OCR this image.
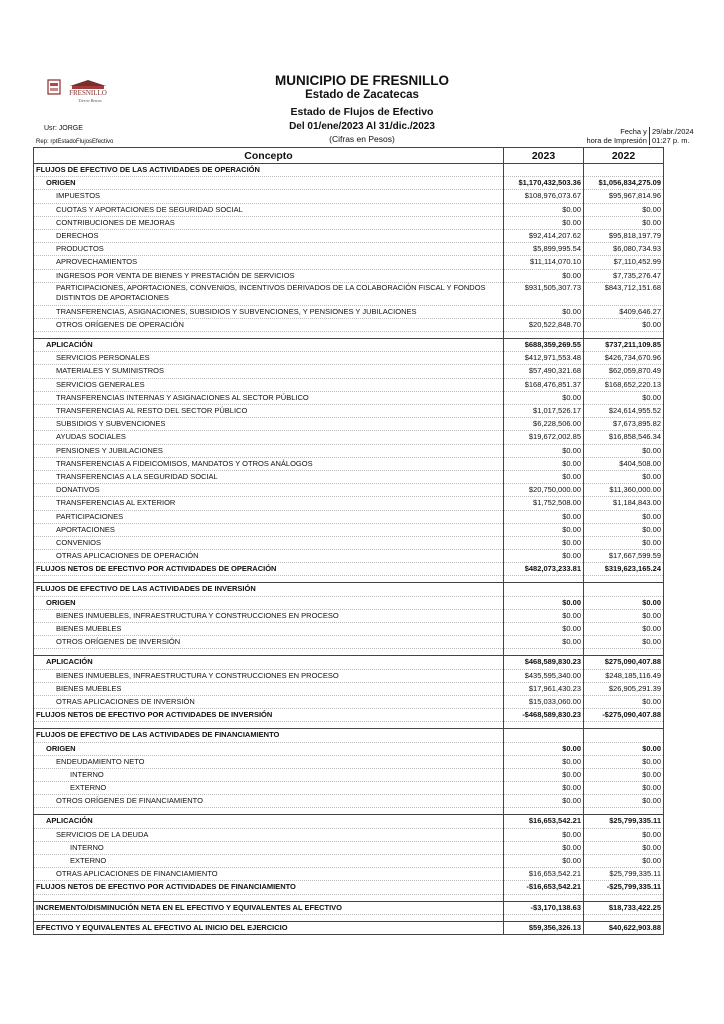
FRESNILLO
Tierra Brava
MUNICIPIO DE FRESNILLO
Estado de Zacatecas
Estado de Flujos de Efectivo
Del 01/ene/2023 Al 31/dic./2023
(Cifras en Pesos)
Usr: JORGE
Rep: rptEstadoFlujosEfectivo
Fecha y 29/abr./2024
hora de Impresión 01:27 p. m.
Concepto	2023	2022
FLUJOS DE EFECTIVO DE LAS ACTIVIDADES DE OPERACIÓN		
ORIGEN	$1,170,432,503.36	$1,056,834,275.09
IMPUESTOS	$108,976,073.67	$95,967,814.96
CUOTAS Y APORTACIONES DE SEGURIDAD SOCIAL	$0.00	$0.00
CONTRIBUCIONES DE MEJORAS	$0.00	$0.00
DERECHOS	$92,414,207.62	$95,818,197.79
PRODUCTOS	$5,899,995.54	$6,080,734.93
APROVECHAMIENTOS	$11,114,070.10	$7,110,452.99
INGRESOS POR VENTA DE BIENES Y PRESTACIÓN DE SERVICIOS	$0.00	$7,735,276.47
PARTICIPACIONES, APORTACIONES, CONVENIOS, INCENTIVOS DERIVADOS DE LA COLABORACIÓN FISCAL Y FONDOS DISTINTOS DE APORTACIONES	$931,505,307.73	$843,712,151.68
TRANSFERENCIAS, ASIGNACIONES, SUBSIDIOS Y SUBVENCIONES, Y PENSIONES Y JUBILACIONES	$0.00	$409,646.27
OTROS ORÍGENES DE OPERACIÓN	$20,522,848.70	$0.00

APLICACIÓN	$688,359,269.55	$737,211,109.85
SERVICIOS PERSONALES	$412,971,553.48	$426,734,670.96
MATERIALES Y SUMINISTROS	$57,490,321.68	$62,059,870.49
SERVICIOS GENERALES	$168,476,851.37	$168,652,220.13
TRANSFERENCIAS INTERNAS Y ASIGNACIONES AL SECTOR PÚBLICO	$0.00	$0.00
TRANSFERENCIAS AL RESTO DEL SECTOR PÚBLICO	$1,017,526.17	$24,614,955.52
SUBSIDIOS Y SUBVENCIONES	$6,228,506.00	$7,673,895.82
AYUDAS SOCIALES	$19,672,002.85	$16,858,546.34
PENSIONES Y JUBILACIONES	$0.00	$0.00
TRANSFERENCIAS A FIDEICOMISOS, MANDATOS Y OTROS ANÁLOGOS	$0.00	$404,508.00
TRANSFERENCIAS A LA SEGURIDAD SOCIAL	$0.00	$0.00
DONATIVOS	$20,750,000.00	$11,360,000.00
TRANSFERENCIAS AL EXTERIOR	$1,752,508.00	$1,184,843.00
PARTICIPACIONES	$0.00	$0.00
APORTACIONES	$0.00	$0.00
CONVENIOS	$0.00	$0.00
OTRAS APLICACIONES DE OPERACIÓN	$0.00	$17,667,599.59
FLUJOS NETOS DE EFECTIVO POR ACTIVIDADES DE OPERACIÓN	$482,073,233.81	$319,623,165.24

FLUJOS DE EFECTIVO DE LAS ACTIVIDADES DE INVERSIÓN		
ORIGEN	$0.00	$0.00
BIENES INMUEBLES, INFRAESTRUCTURA Y CONSTRUCCIONES EN PROCESO	$0.00	$0.00
BIENES MUEBLES	$0.00	$0.00
OTROS ORÍGENES DE INVERSIÓN	$0.00	$0.00

APLICACIÓN	$468,589,830.23	$275,090,407.88
BIENES INMUEBLES, INFRAESTRUCTURA Y CONSTRUCCIONES EN PROCESO	$435,595,340.00	$248,185,116.49
BIENES MUEBLES	$17,961,430.23	$26,905,291.39
OTRAS APLICACIONES DE INVERSIÓN	$15,033,060.00	$0.00
FLUJOS NETOS DE EFECTIVO POR ACTIVIDADES DE INVERSIÓN	-$468,589,830.23	-$275,090,407.88

FLUJOS DE EFECTIVO DE LAS ACTIVIDADES DE FINANCIAMIENTO		
ORIGEN	$0.00	$0.00
ENDEUDAMIENTO NETO	$0.00	$0.00
INTERNO	$0.00	$0.00
EXTERNO	$0.00	$0.00
OTROS ORÍGENES DE FINANCIAMIENTO	$0.00	$0.00

APLICACIÓN	$16,653,542.21	$25,799,335.11
SERVICIOS DE LA DEUDA	$0.00	$0.00
INTERNO	$0.00	$0.00
EXTERNO	$0.00	$0.00
OTRAS APLICACIONES DE FINANCIAMIENTO	$16,653,542.21	$25,799,335.11
FLUJOS NETOS DE EFECTIVO POR ACTIVIDADES DE FINANCIAMIENTO	-$16,653,542.21	-$25,799,335.11

INCREMENTO/DISMINUCIÓN NETA EN EL EFECTIVO Y EQUIVALENTES AL EFECTIVO	-$3,170,138.63	$18,733,422.25

EFECTIVO Y EQUIVALENTES AL EFECTIVO AL INICIO DEL EJERCICIO	$59,356,326.13	$40,622,903.88
